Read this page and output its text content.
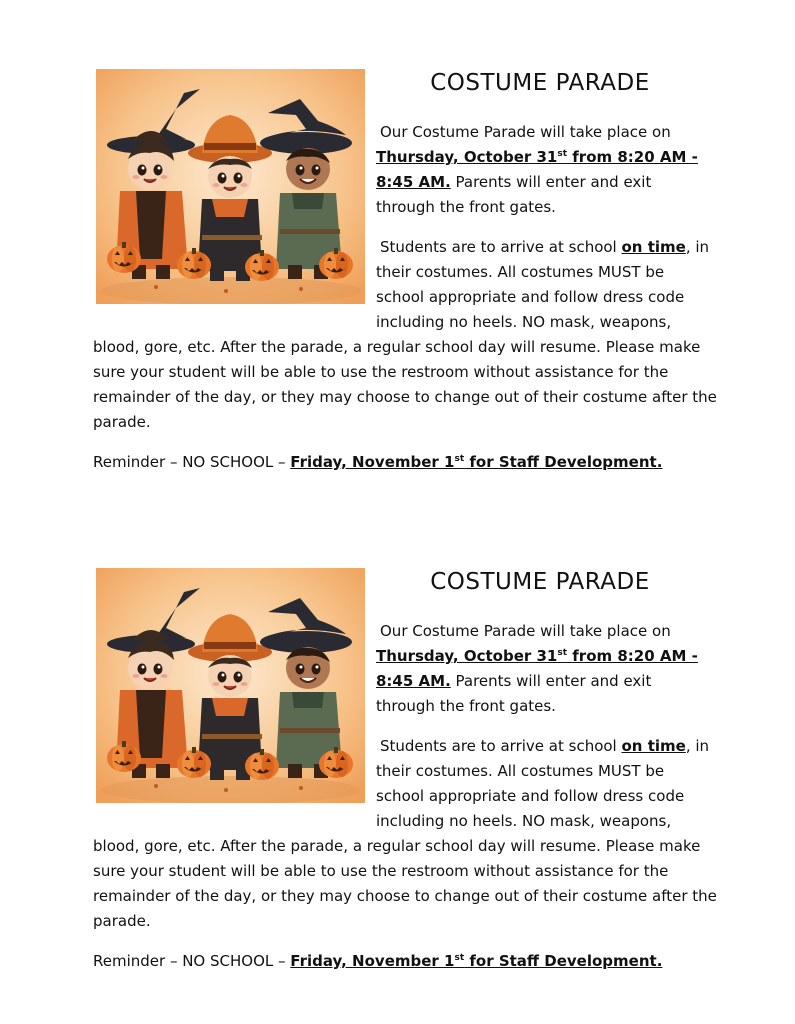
COSTUME PARADE
Our Costume Parade will take place on
Thursday, October 31st from 8:20 AM -
8:45 AM. Parents will enter and exit
through the front gates.
Students are to arrive at school on time, in
their costumes. All costumes MUST be
school appropriate and follow dress code
including no heels. NO mask, weapons,
blood, gore, etc. After the parade, a regular school day will resume. Please make
sure your student will be able to use the restroom without assistance for the
remainder of the day, or they may choose to change out of their costume after the
parade.
Reminder – NO SCHOOL – Friday, November 1st for Staff Development.
COSTUME PARADE
Our Costume Parade will take place on
Thursday, October 31st from 8:20 AM -
8:45 AM. Parents will enter and exit
through the front gates.
Students are to arrive at school on time, in
their costumes. All costumes MUST be
school appropriate and follow dress code
including no heels. NO mask, weapons,
blood, gore, etc. After the parade, a regular school day will resume. Please make
sure your student will be able to use the restroom without assistance for the
remainder of the day, or they may choose to change out of their costume after the
parade.
Reminder – NO SCHOOL – Friday, November 1st for Staff Development.
